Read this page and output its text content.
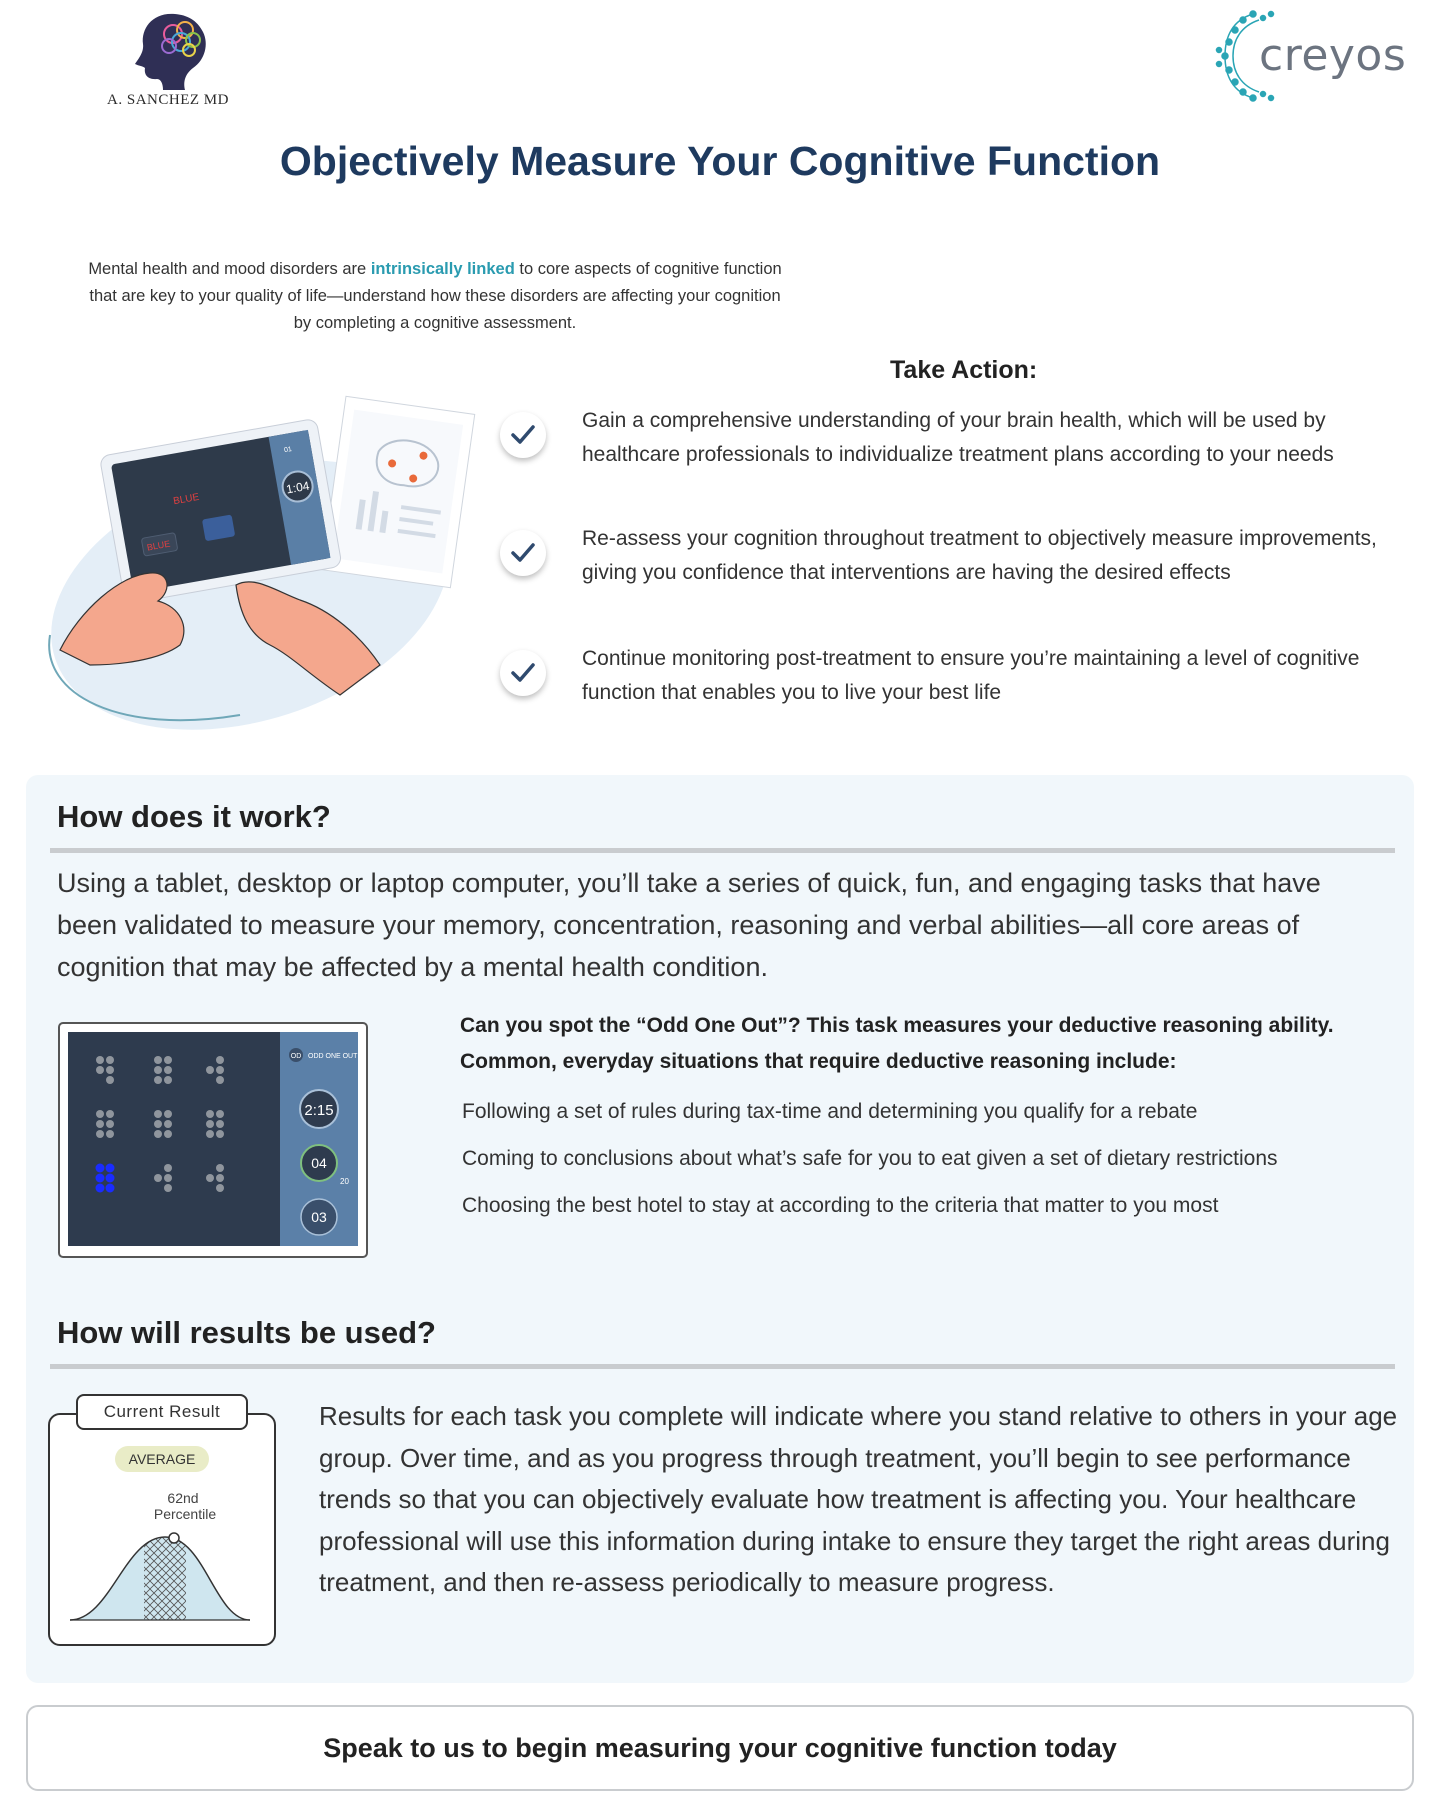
A. SANCHEZ MD
creyos
Objectively Measure Your Cognitive Function

Mental health and mood disorders are intrinsically linked to core aspects of cognitive function that are key to your quality of life—understand how these disorders are affecting your cognition by completing a cognitive assessment.

1:04
01
BLUE
BLUE
Take Action:
Gain a comprehensive understanding of your brain health, which will be used by healthcare professionals to individualize treatment plans according to your needs
Re-assess your cognition throughout treatment to objectively measure improvements, giving you confidence that interventions are having the desired effects
Continue monitoring post-treatment to ensure you’re maintaining a level of cognitive function that enables you to live your best life
How does it work?

Using a tablet, desktop or laptop computer, you’ll take a series of quick, fun, and engaging tasks that have been validated to measure your memory, concentration, reasoning and verbal abilities—all core areas of cognition that may be affected by a mental health condition.

OD ODD ONE OUT
2:15
04
20
03
Can you spot the “Odd One Out”? This task measures your deductive reasoning ability.
Common, everyday situations that require deductive reasoning include:
Following a set of rules during tax-time and determining you qualify for a rebate
Coming to conclusions about what’s safe for you to eat given a set of dietary restrictions
Choosing the best hotel to stay at according to the criteria that matter to you most
How will results be used?
Current Result
AVERAGE
62nd
Percentile

Results for each task you complete will indicate where you stand relative to others in your age group. Over time, and as you progress through treatment, you’ll begin to see performance trends so that you can objectively evaluate how treatment is affecting you. Your healthcare professional will use this information during intake to ensure they target the right areas during treatment, and then re-assess periodically to measure progress.

Speak to us to begin measuring your cognitive function today
